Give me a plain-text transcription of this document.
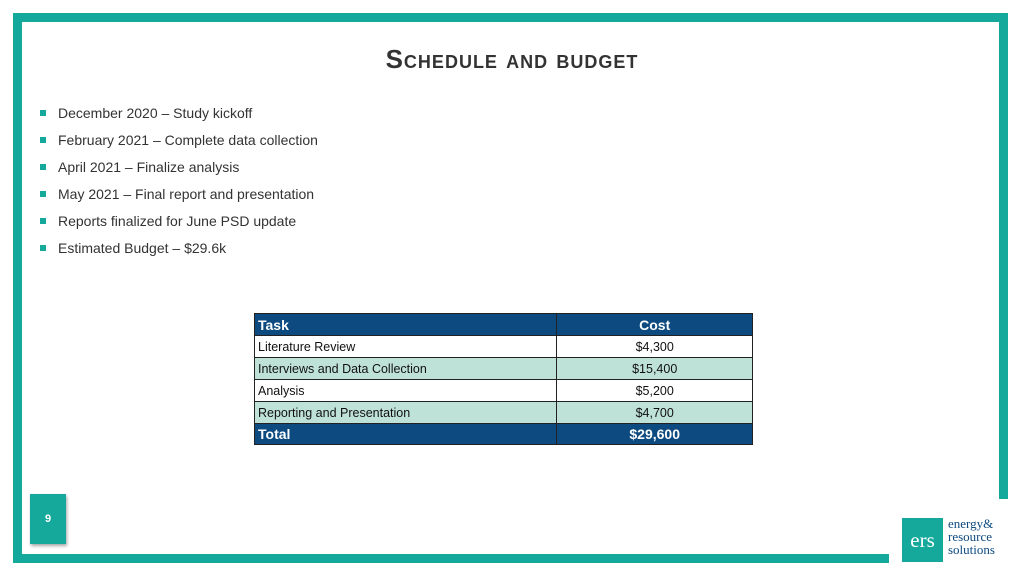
Schedule and budget
December 2020 – Study kickoff
February 2021 – Complete data collection
April 2021 – Finalize analysis
May 2021 – Final report and presentation
Reports finalized for June PSD update
Estimated Budget – $29.6k
Task	Cost
Literature Review	$4,300
Interviews and Data Collection	$15,400
Analysis	$5,200
Reporting and Presentation	$4,700
Total	$29,600
9
ers
energy&
resource
solutions
